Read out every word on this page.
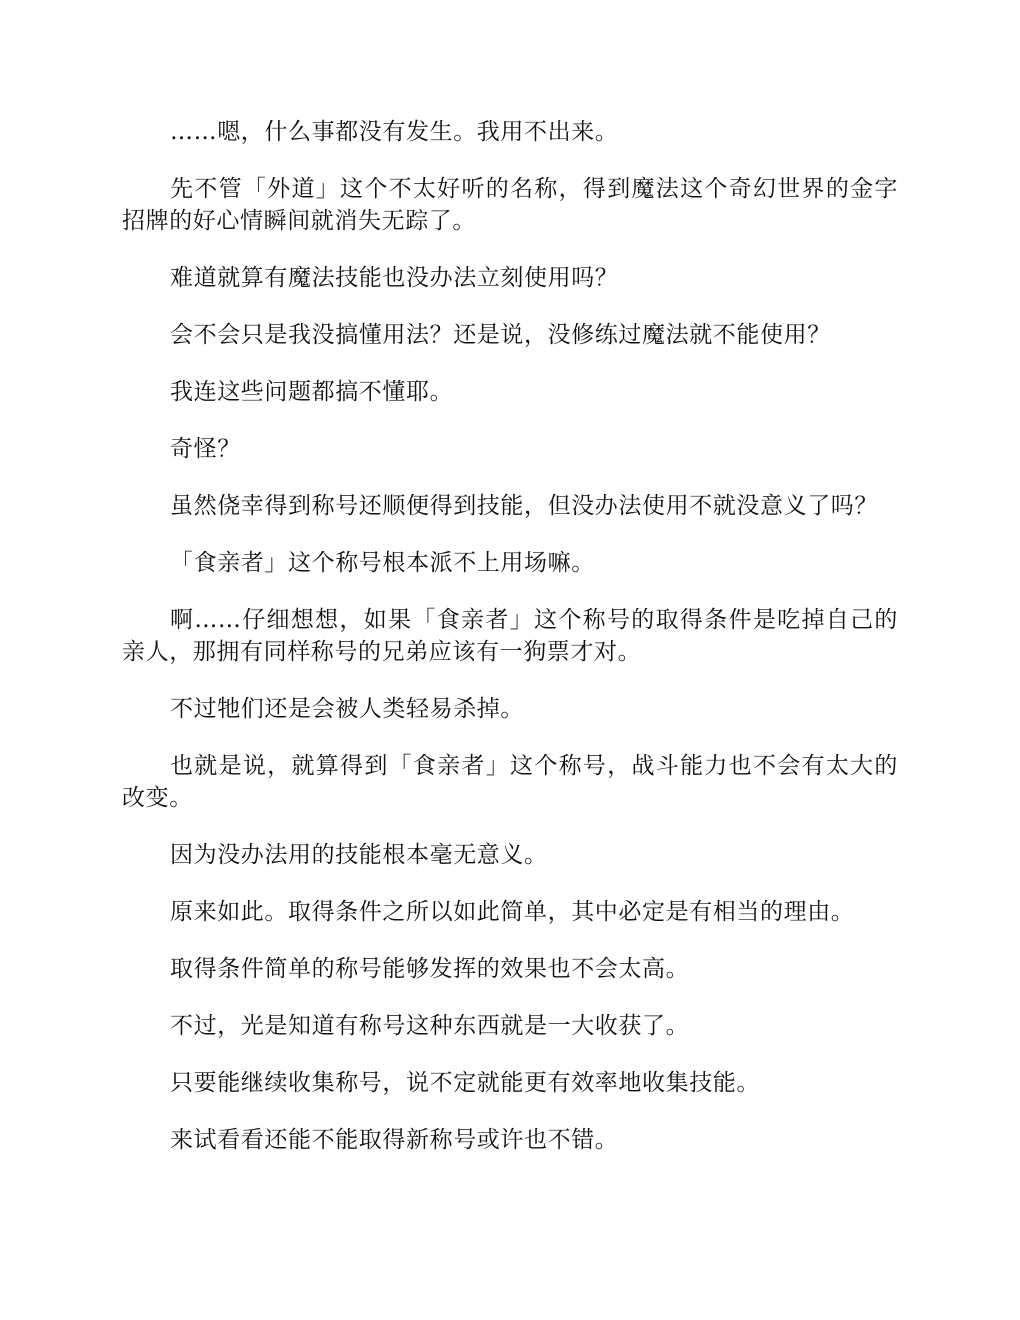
……嗯，什么事都没有发生。我用不出来。

先不管「外道」这个不太好听的名称，得到魔法这个奇幻世界的金字招牌的好心情瞬间就消失无踪了。

难道就算有魔法技能也没办法立刻使用吗？

会不会只是我没搞懂用法？还是说，没修练过魔法就不能使用？

我连这些问题都搞不懂耶。

奇怪？

虽然侥幸得到称号还顺便得到技能，但没办法使用不就没意义了吗？

「食亲者」这个称号根本派不上用场嘛。

啊……仔细想想，如果「食亲者」这个称号的取得条件是吃掉自己的亲人，那拥有同样称号的兄弟应该有一狗票才对。

不过牠们还是会被人类轻易杀掉。

也就是说，就算得到「食亲者」这个称号，战斗能力也不会有太大的改变。

因为没办法用的技能根本毫无意义。

原来如此。取得条件之所以如此简单，其中必定是有相当的理由。

取得条件简单的称号能够发挥的效果也不会太高。

不过，光是知道有称号这种东西就是一大收获了。

只要能继续收集称号，说不定就能更有效率地收集技能。

来试看看还能不能取得新称号或许也不错。
